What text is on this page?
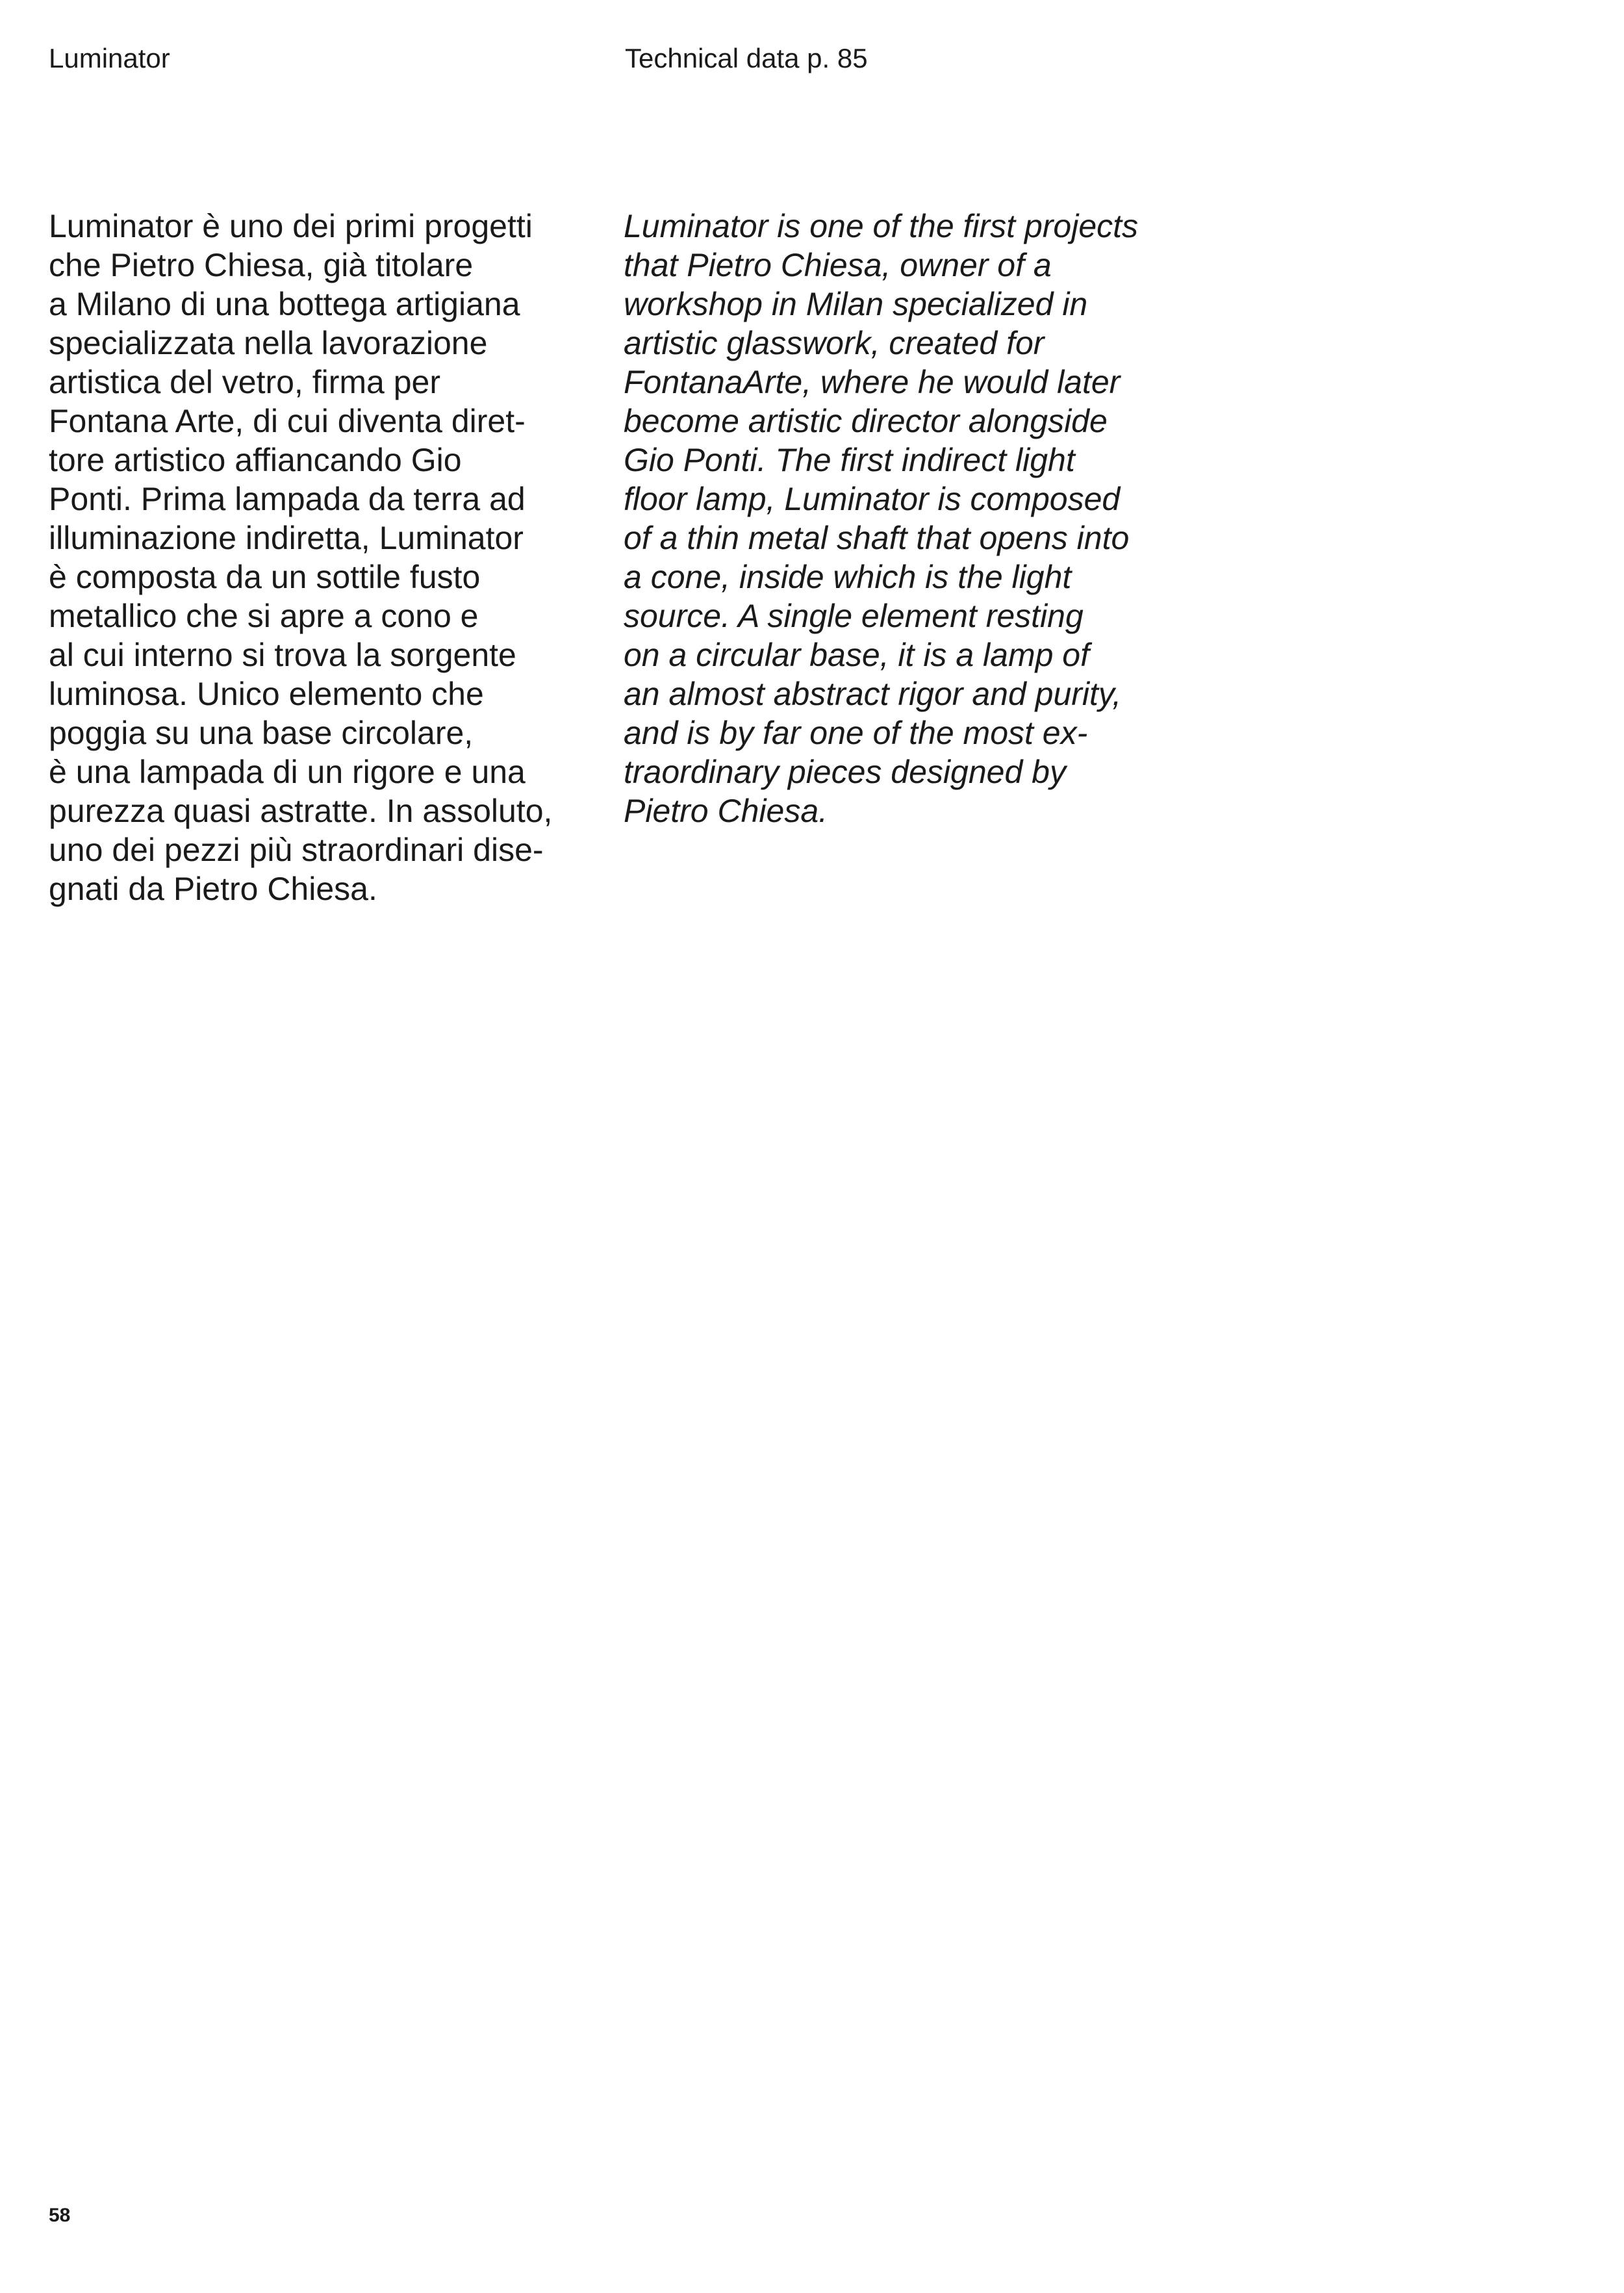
Luminator	Technical data p. 85

Luminator è uno dei primi progetti
che Pietro Chiesa, già titolare
a Milano di una bottega artigiana
specializzata nella lavorazione
artistica del vetro, firma per
Fontana Arte, di cui diventa diret-
tore artistico affiancando Gio
Ponti. Prima lampada da terra ad
illuminazione indiretta, Luminator
è composta da un sottile fusto
metallico che si apre a cono e
al cui interno si trova la sorgente
luminosa. Unico elemento che
poggia su una base circolare,
è una lampada di un rigore e una
purezza quasi astratte. In assoluto,
uno dei pezzi più straordinari dise-
gnati da Pietro Chiesa.

Luminator is one of the first projects
that Pietro Chiesa, owner of a
workshop in Milan specialized in
artistic glasswork, created for
FontanaArte, where he would later
become artistic director alongside
Gio Ponti. The first indirect light
floor lamp, Luminator is composed
of a thin metal shaft that opens into
a cone, inside which is the light
source. A single element resting
on a circular base, it is a lamp of
an almost abstract rigor and purity,
and is by far one of the most ex-
traordinary pieces designed by
Pietro Chiesa.

58
